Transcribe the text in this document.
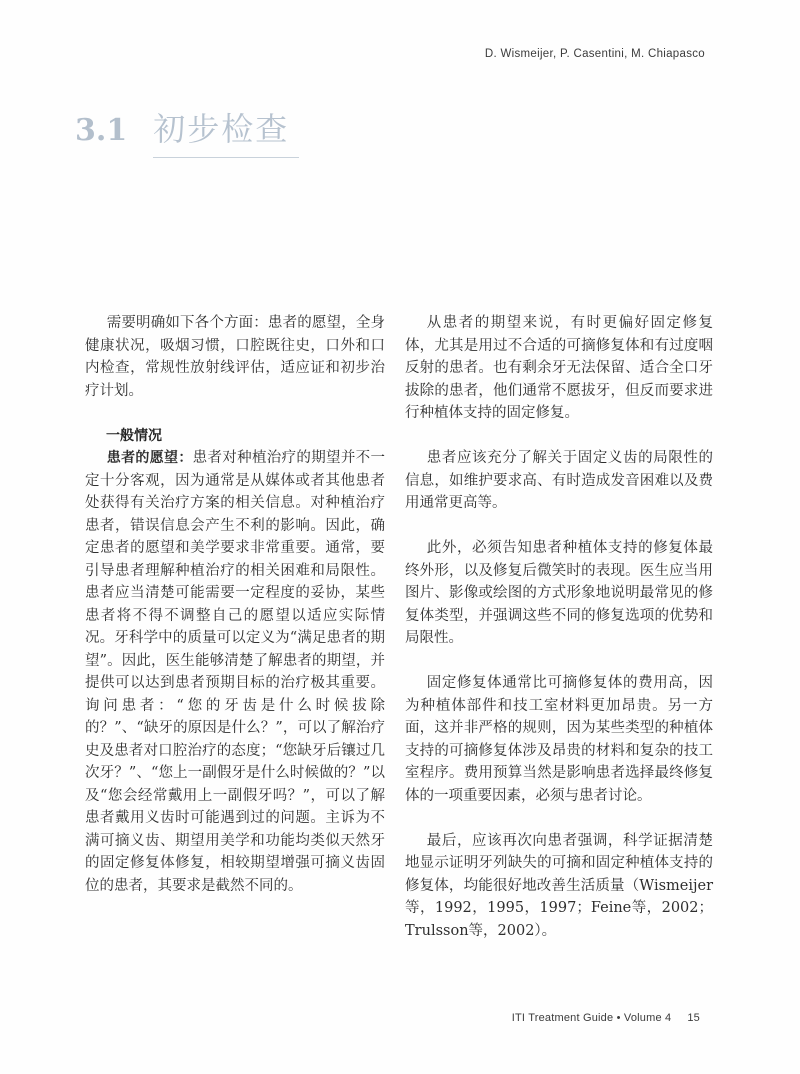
D. Wismeijer, P. Casentini, M. Chiapasco
3.1 初步检查

需要明确如下各个方面：患者的愿望，全身健康状况，吸烟习惯，口腔既往史，口外和口内检查，常规性放射线评估，适应证和初步治疗计划。

一般情况

患者的愿望：患者对种植治疗的期望并不一定十分客观，因为通常是从媒体或者其他患者处获得有关治疗方案的相关信息。对种植治疗患者，错误信息会产生不利的影响。因此，确定患者的愿望和美学要求非常重要。通常，要引导患者理解种植治疗的相关困难和局限性。患者应当清楚可能需要一定程度的妥协，某些患者将不得不调整自己的愿望以适应实际情况。牙科学中的质量可以定义为“满足患者的期望”。因此，医生能够清楚了解患者的期望，并提供可以达到患者预期目标的治疗极其重要。询问患者：“您的牙齿是什么时候拔除的？”、“缺牙的原因是什么？”，可以了解治疗史及患者对口腔治疗的态度；“您缺牙后镶过几次牙？”、“您上一副假牙是什么时候做的？”以及“您会经常戴用上一副假牙吗？”，可以了解患者戴用义齿时可能遇到过的问题。主诉为不满可摘义齿、期望用美学和功能均类似天然牙的固定修复体修复，相较期望增强可摘义齿固位的患者，其要求是截然不同的。

从患者的期望来说，有时更偏好固定修复体，尤其是用过不合适的可摘修复体和有过度咽反射的患者。也有剩余牙无法保留、适合全口牙拔除的患者，他们通常不愿拔牙，但反而要求进行种植体支持的固定修复。

患者应该充分了解关于固定义齿的局限性的信息，如维护要求高、有时造成发音困难以及费用通常更高等。

此外，必须告知患者种植体支持的修复体最终外形，以及修复后微笑时的表现。医生应当用图片、影像或绘图的方式形象地说明最常见的修复体类型，并强调这些不同的修复选项的优势和局限性。

固定修复体通常比可摘修复体的费用高，因为种植体部件和技工室材料更加昂贵。另一方面，这并非严格的规则，因为某些类型的种植体支持的可摘修复体涉及昂贵的材料和复杂的技工室程序。费用预算当然是影响患者选择最终修复体的一项重要因素，必须与患者讨论。

最后，应该再次向患者强调，科学证据清楚地显示证明牙列缺失的可摘和固定种植体支持的修复体，均能很好地改善生活质量（Wismeijer等，1992，1995，1997；Feine等，2002；Trulsson等，2002）。

ITI Treatment Guide • Volume 4 15
